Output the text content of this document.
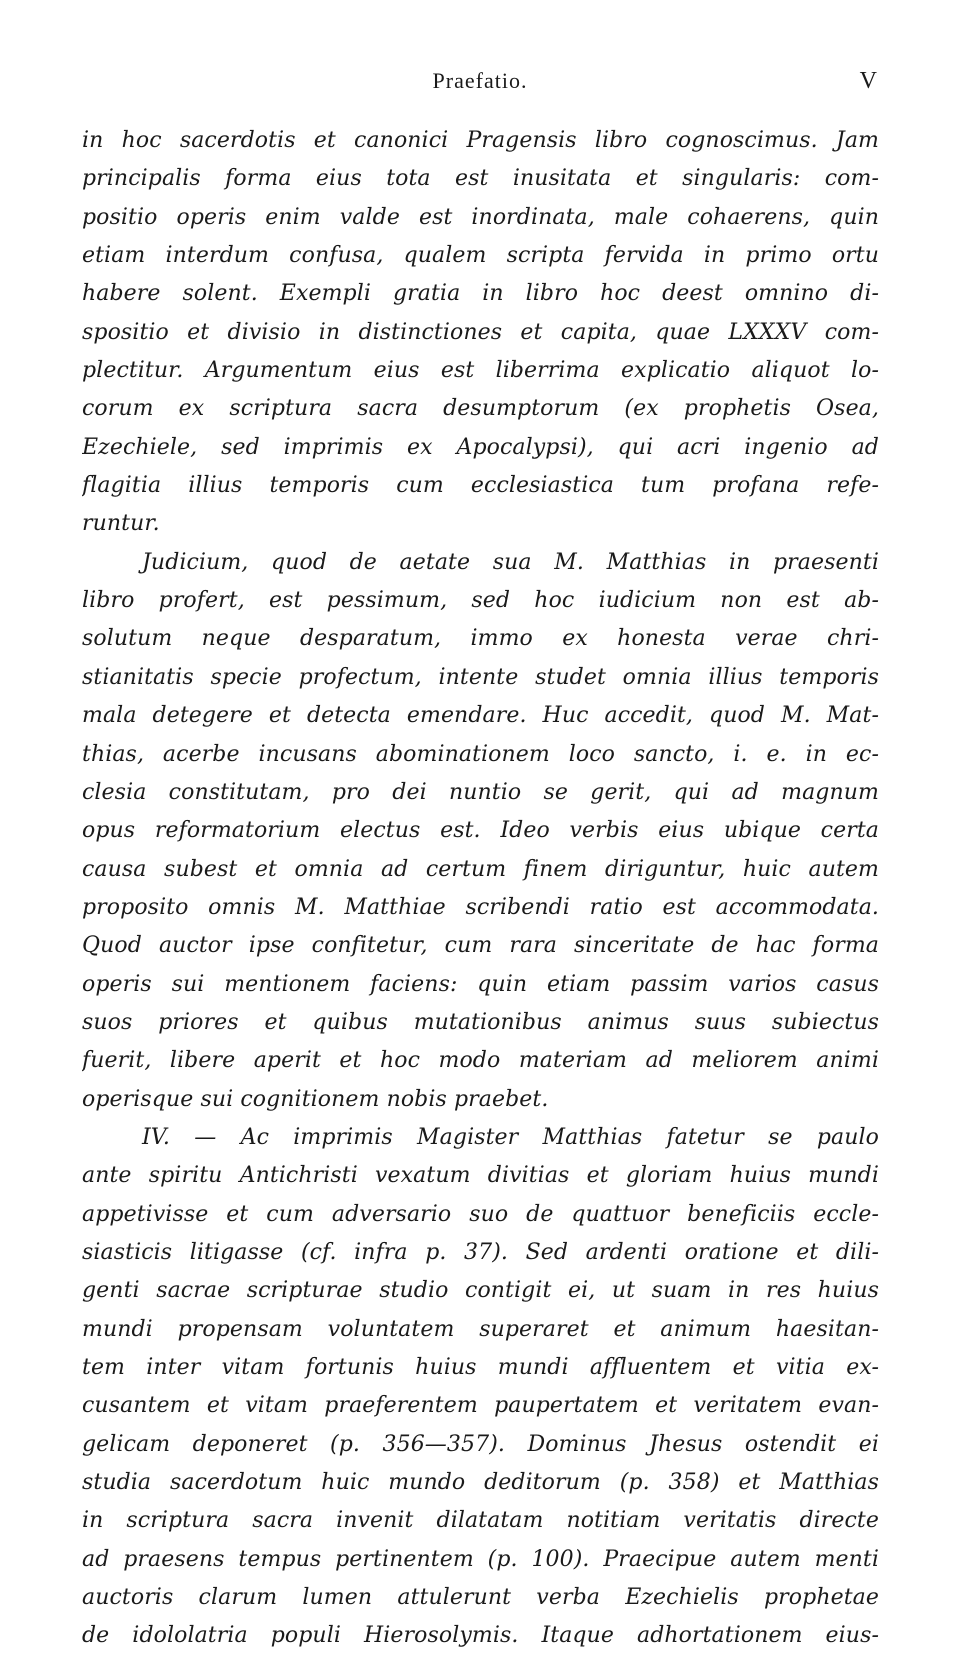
Praefatio.	V
in hoc sacerdotis et canonici Pragensis libro cognoscimus. Jam
principalis forma eius tota est inusitata et singularis: com-
positio operis enim valde est inordinata, male cohaerens, quin
etiam interdum confusa, qualem scripta fervida in primo ortu
habere solent. Exempli gratia in libro hoc deest omnino di-
spositio et divisio in distinctiones et capita, quae LXXXV com-
plectitur. Argumentum eius est liberrima explicatio aliquot lo-
corum ex scriptura sacra desumptorum (ex prophetis Osea,
Ezechiele, sed imprimis ex Apocalypsi), qui acri ingenio ad
flagitia illius temporis cum ecclesiastica tum profana refe-
runtur.
Judicium, quod de aetate sua M. Matthias in praesenti
libro profert, est pessimum, sed hoc iudicium non est ab-
solutum neque desparatum, immo ex honesta verae chri-
stianitatis specie profectum, intente studet omnia illius temporis
mala detegere et detecta emendare. Huc accedit, quod M. Mat-
thias, acerbe incusans abominationem loco sancto, i. e. in ec-
clesia constitutam, pro dei nuntio se gerit, qui ad magnum
opus reformatorium electus est. Ideo verbis eius ubique certa
causa subest et omnia ad certum finem diriguntur, huic autem
proposito omnis M. Matthiae scribendi ratio est accommodata.
Quod auctor ipse confitetur, cum rara sinceritate de hac forma
operis sui mentionem faciens: quin etiam passim varios casus
suos priores et quibus mutationibus animus suus subiectus
fuerit, libere aperit et hoc modo materiam ad meliorem animi
operisque sui cognitionem nobis praebet.
IV. — Ac imprimis Magister Matthias fatetur se paulo
ante spiritu Antichristi vexatum divitias et gloriam huius mundi
appetivisse et cum adversario suo de quattuor beneficiis eccle-
siasticis litigasse (cf. infra p. 37). Sed ardenti oratione et dili-
genti sacrae scripturae studio contigit ei, ut suam in res huius
mundi propensam voluntatem superaret et animum haesitan-
tem inter vitam fortunis huius mundi affluentem et vitia ex-
cusantem et vitam praeferentem paupertatem et veritatem evan-
gelicam deponeret (p. 356—357). Dominus Jhesus ostendit ei
studia sacerdotum huic mundo deditorum (p. 358) et Matthias
in scriptura sacra invenit dilatatam notitiam veritatis directe
ad praesens tempus pertinentem (p. 100). Praecipue autem menti
auctoris clarum lumen attulerunt verba Ezechielis prophetae
de idololatria populi Hierosolymis. Itaque adhortationem eius-
